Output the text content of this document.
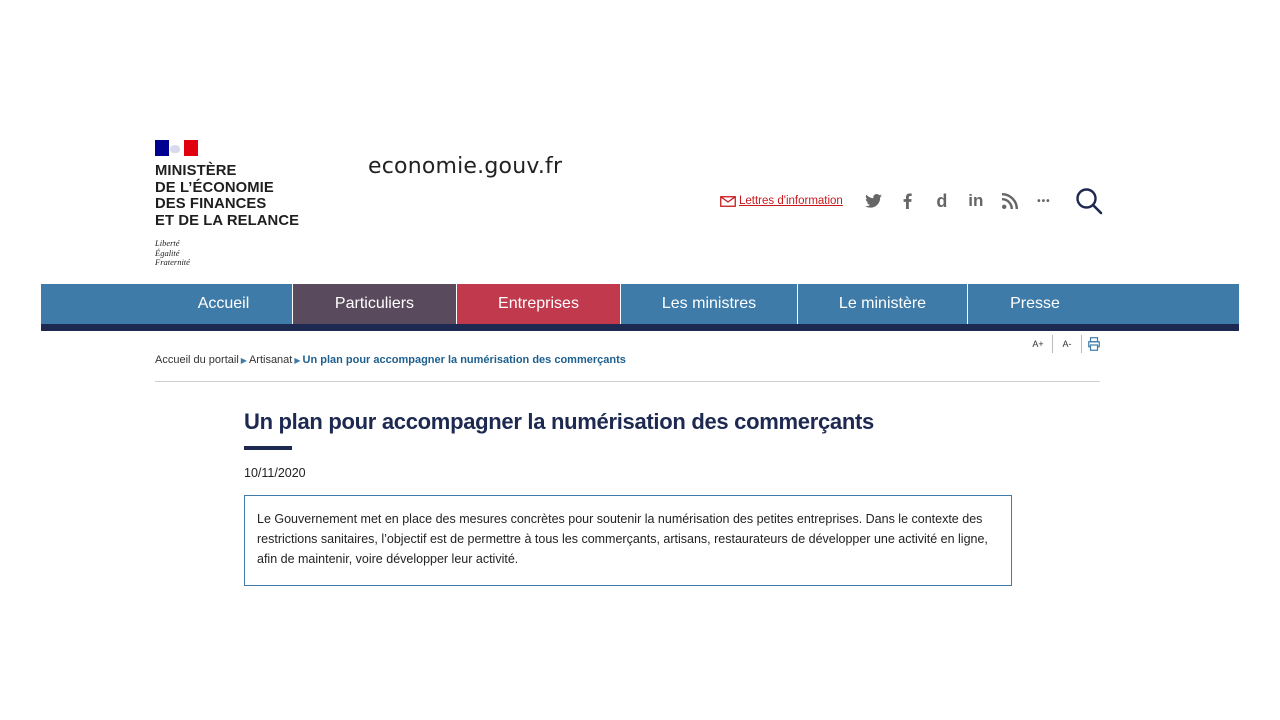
MINISTÈRE
DE L’ÉCONOMIE
DES FINANCES
ET DE LA RELANCE
Liberté
Égalité
Fraternité
economie.gouv.fr
Lettres d'information	d in	•••
Accueil	Particuliers	Entreprises	Les ministres	Le ministère	Presse
A+	A-
Accueil du portail ▶ Artisanat ▶ Un plan pour accompagner la numérisation des commerçants
Un plan pour accompagner la numérisation des commerçants
10/11/2020
Le Gouvernement met en place des mesures concrètes pour soutenir la numérisation des petites entreprises. Dans le contexte des restrictions sanitaires, l’objectif est de permettre à tous les commerçants, artisans, restaurateurs de développer une activité en ligne, afin de maintenir, voire développer leur activité.
